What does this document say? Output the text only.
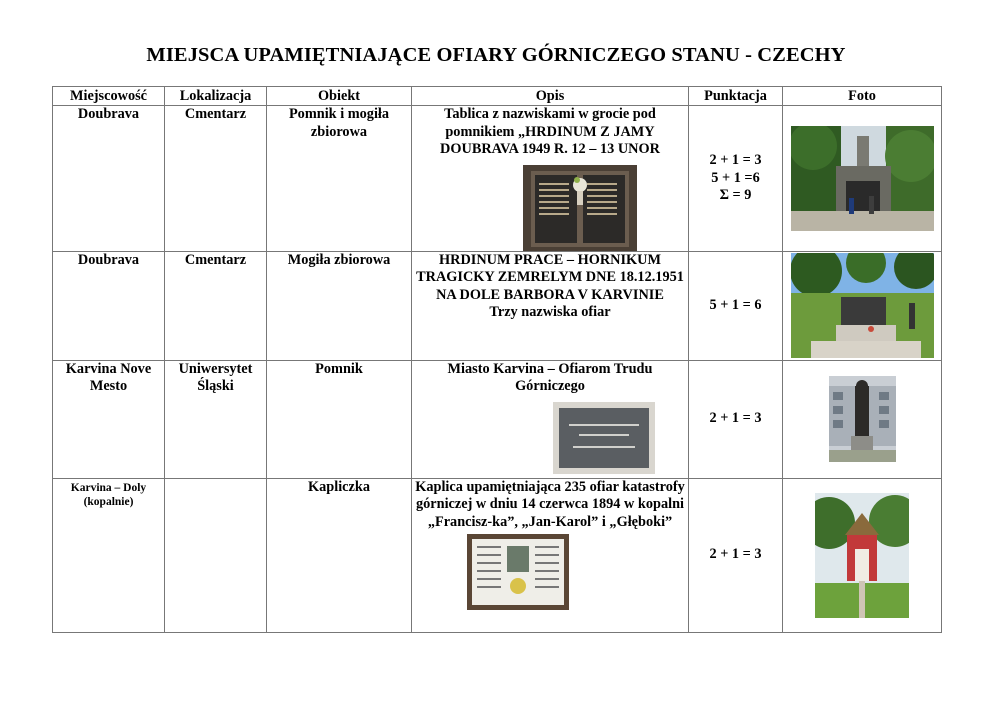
MIEJSCA UPAMIĘTNIAJĄCE OFIARY GÓRNICZEGO STANU - CZECHY
Miejscowość	Lokalizacja	Obiekt	Opis	Punktacja	Foto
Doubrava	Cmentarz	Pomnik i mogiła zbiorowa	Tablica z nazwiskami w grocie pod pomnikiem „HRDINUM Z JAMY DOUBRAVA 1949 R. 12 – 13 UNOR	2 + 1 = 3
5 + 1 =6
Σ = 9

Doubrava	Cmentarz	Mogiła zbiorowa	HRDINUM PRACE – HORNIKUM TRAGICKY ZEMRELYM DNE 18.12.1951 NA DOLE BARBORA V KARVINIE
Trzy nazwiska ofiar	5 + 1 = 6

Karvina Nove Mesto	Uniwersytet Śląski	Pomnik	Miasto Karvina – Ofiarom Trudu Górniczego	2 + 1 = 3

Karvina – Doly (kopalnie)		Kapliczka	Kaplica upamiętniająca 235 ofiar katastrofy górniczej w dniu 14 czerwca 1894 w kopalni „Francisz-ka”, „Jan-Karol” i „Głęboki”	2 + 1 = 3
